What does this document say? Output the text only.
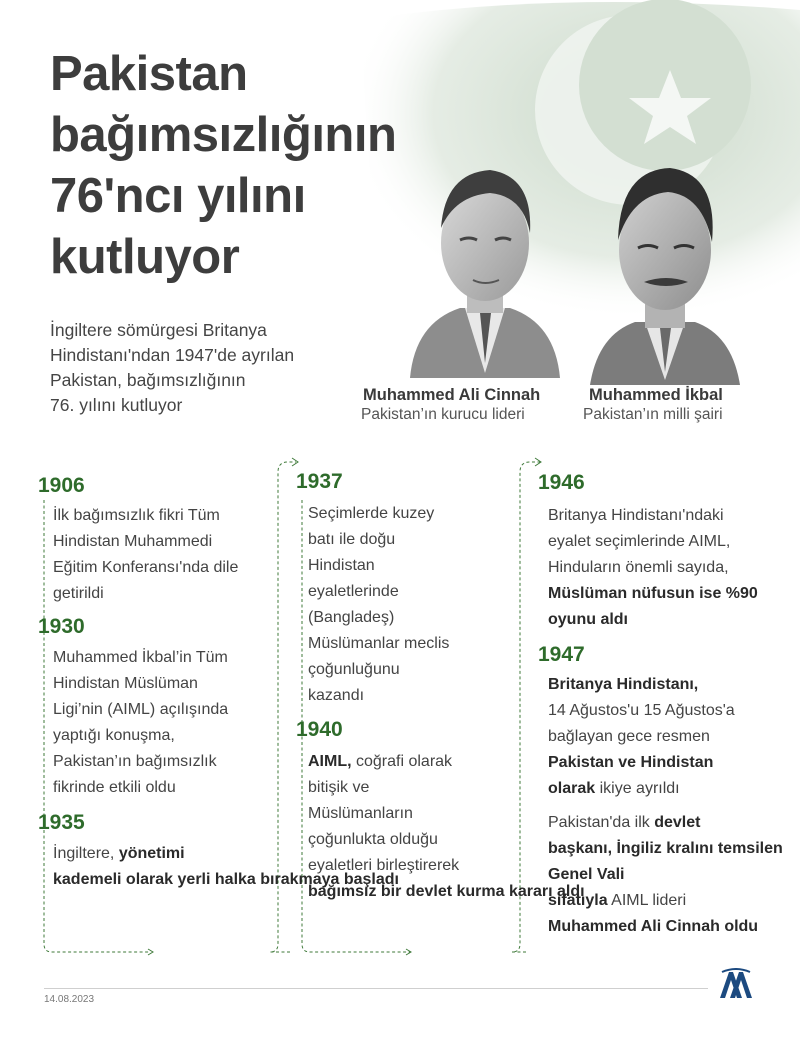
Pakistan
bağımsızlığının
76'ncı yılını
kutluyor
İngiltere sömürgesi Britanya
Hindistanı'ndan 1947'de ayrılan
Pakistan, bağımsızlığının
76. yılını kutluyor	Muhammed Ali Cinnah
Pakistan’ın kurucu lideri
Muhammed İkbal
Pakistan’ın milli şairi
1906
İlk bağımsızlık fikri Tüm
Hindistan Muhammedi
Eğitim Konferansı'nda dile
getirildi
1930
Muhammed İkbal’in Tüm
Hindistan Müslüman
Ligi’nin (AIML) açılışında
yaptığı konuşma,
Pakistan’ın bağımsızlık
fikrinde etkili oldu
1935
İngiltere, yönetimi
kademeli olarak yerli halka bırakmaya başladı
1937
Seçimlerde kuzey
batı ile doğu
Hindistan
eyaletlerinde
(Bangladeş)
Müslümanlar meclis
çoğunluğunu
kazandı
1940
AIML, coğrafi olarak
bitişik ve
Müslümanların
çoğunlukta olduğu
eyaletleri birleştirerek
bağımsız bir devlet kurma kararı aldı
1946
Britanya Hindistanı'ndaki
eyalet seçimlerinde AIML,
Hinduların önemli sayıda,
Müslüman nüfusun ise %90 oyunu aldı
1947
Britanya Hindistanı,
14 Ağustos'u 15 Ağustos'a
bağlayan gece resmen
Pakistan ve Hindistan
olarak ikiye ayrıldı
Pakistan'da ilk devlet
başkanı, İngiliz kralını temsilen Genel Vali
sıfatıyla AIML lideri
Muhammed Ali Cinnah oldu
14.08.2023
